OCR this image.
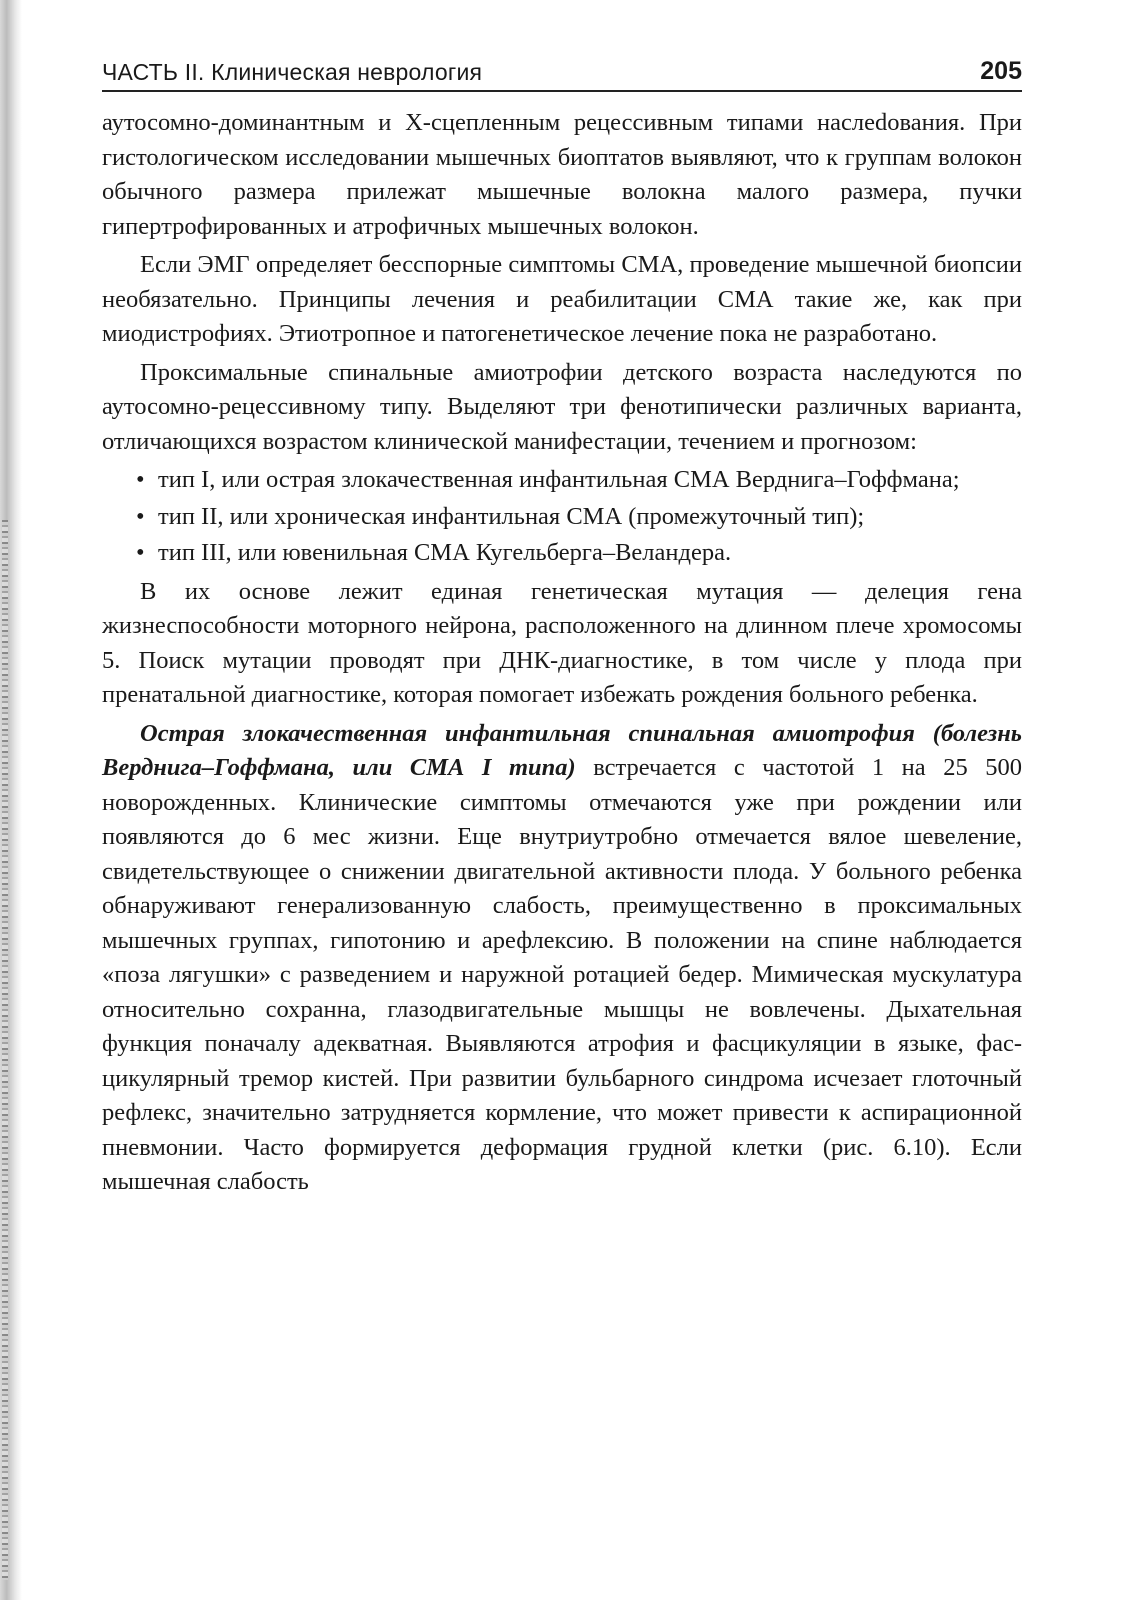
ЧАСТЬ II. Клиническая неврология	205

аутосомно-доминантным и X-сцепленным рецессивным типами наслеdования. При гистологическом исследовании мышечных биоптатов выявляют, что к группам волокон обычного размера прилежат мышечные волокна малого размера, пучки гипертрофированных и атрофичных мышечных волокон.

Если ЭМГ определяет бесспорные симптомы СМА, проведение мышечной биопсии необязательно. Принципы лечения и реабилитации СМА такие же, как при миодистрофиях. Этиотропное и патогенетическое лечение пока не разработано.

Проксимальные спинальные амиотрофии детского возраста наследуются по аутосомно-рецессивному типу. Выделяют три фенотипически различных варианта, отличающихся возрастом клинической манифестации, течением и прогнозом:

• тип I, или острая злокачественная инфантильная СМА Верднига–Гоффмана;
• тип II, или хроническая инфантильная СМА (промежуточный тип);
• тип III, или ювенильная СМА Кугельберга–Веландера.

В их основе лежит единая генетическая мутация — делеция гена жизнеспособности моторного нейрона, расположенного на длинном плече хромосомы 5. Поиск мутации проводят при ДНК-диагностике, в том числе у плода при пренатальной диагностике, которая помогает избежать рождения больного ребенка.

Острая злокачественная инфантильная спинальная амиотрофия (болезнь Верднига–Гоффмана, или СМА I типа) встречается с частотой 1 на 25 500 новорожденных. Клинические симптомы отмечаются уже при рождении или появляются до 6 мес жизни. Еще внутриутробно отмечается вялое шевеление, свидетельствующее о снижении двигательной активности плода. У больного ребенка обнаруживают генерализованную слабость, преимущественно в проксимальных мышечных группах, гипотонию и арефлексию. В положении на спине наблюдается «поза лягушки» с разведением и наружной ротацией бедер. Мимическая мускулатура относительно сохранна, глазодвигательные мышцы не вовлечены. Дыхательная функция поначалу адекватная. Выявляются атрофия и фасцикуляции в языке, фасцикулярный тремор кистей. При развитии бульбарного синдрома исчезает глоточный рефлекс, значительно затрудняется кормление, что может привести к аспирационной пневмонии. Часто формируется деформация грудной клетки (рис. 6.10). Если мышечная слабость
